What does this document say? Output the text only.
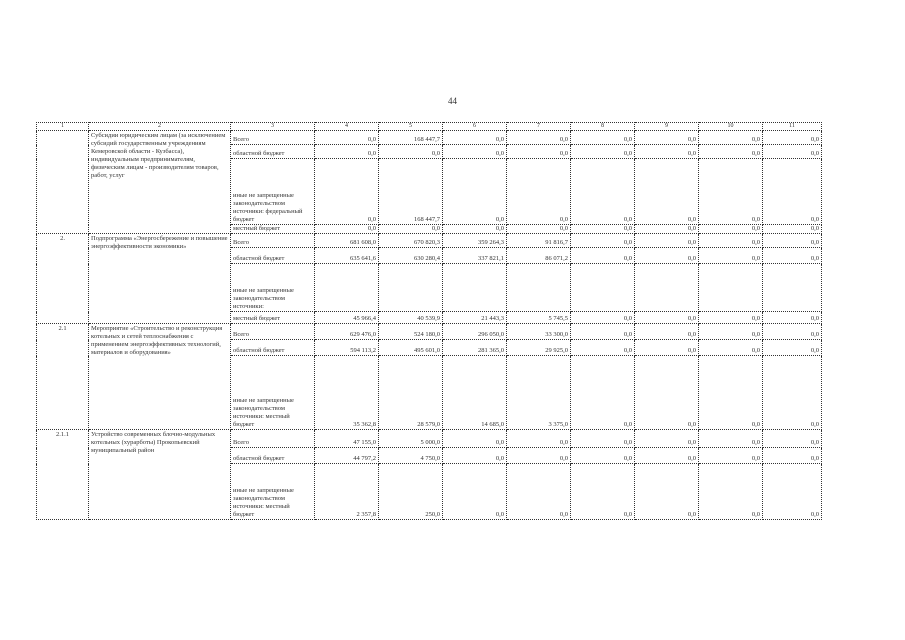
44
1	2	3	4	5	6	7	8	9	10	11
	Субсидии юридическим лицам (за исключением субсидий государственным учреждениям Кемеровской области - Кузбасса), индивидуальным предпринимателям, физическим лицам - производителям товаров, работ, услуг	Всего	0,0	168 447,7	0,0	0,0	0,0	0,0	0,0	0,0
		областной бюджет	0,0	0,0	0,0	0,0	0,0	0,0	0,0	0,0
		иные не запрещенные законодательством источники: федеральный бюджет	0,0	168 447,7	0,0	0,0	0,0	0,0	0,0	0,0
		местный бюджет	0,0	0,0	0,0	0,0	0,0	0,0	0,0	0,0
2.	Подпрограмма «Энергосбережение и повышение энергоэффективности экономики»	Всего	681 608,0	670 820,3	359 264,3	91 816,7	0,0	0,0	0,0	0,0
		областной бюджет	635 641,6	630 280,4	337 821,1	86 071,2	0,0	0,0	0,0	0,0
		иные не запрещенные законодательством источники:								
		местный бюджет	45 966,4	40 539,9	21 443,3	5 745,5	0,0	0,0	0,0	0,0
2.1	Мероприятие «Строительство и реконструкция котельных и сетей теплоснабжения с применением энергоэффективных технологий, материалов и оборудования»	Всего	629 476,0	524 180,0	296 050,0	33 300,0	0,0	0,0	0,0	0,0
		областной бюджет	594 113,2	495 601,0	281 365,0	29 925,0	0,0	0,0	0,0	0,0
		иные не запрещенные законодательством источники: местный бюджет	35 362,8	28 579,0	14 685,0	3 375,0	0,0	0,0	0,0	0,0
2.1.1	Устройство современных блочно-модульных котельных (хурарботы) Прокопьевский муниципальный район	Всего	47 155,0	5 000,0	0,0	0,0	0,0	0,0	0,0	0,0
		областной бюджет	44 797,2	4 750,0	0,0	0,0	0,0	0,0	0,0	0,0
		иные не запрещенные законодательством источники: местный бюджет	2 357,8	250,0	0,0	0,0	0,0	0,0	0,0	0,0
